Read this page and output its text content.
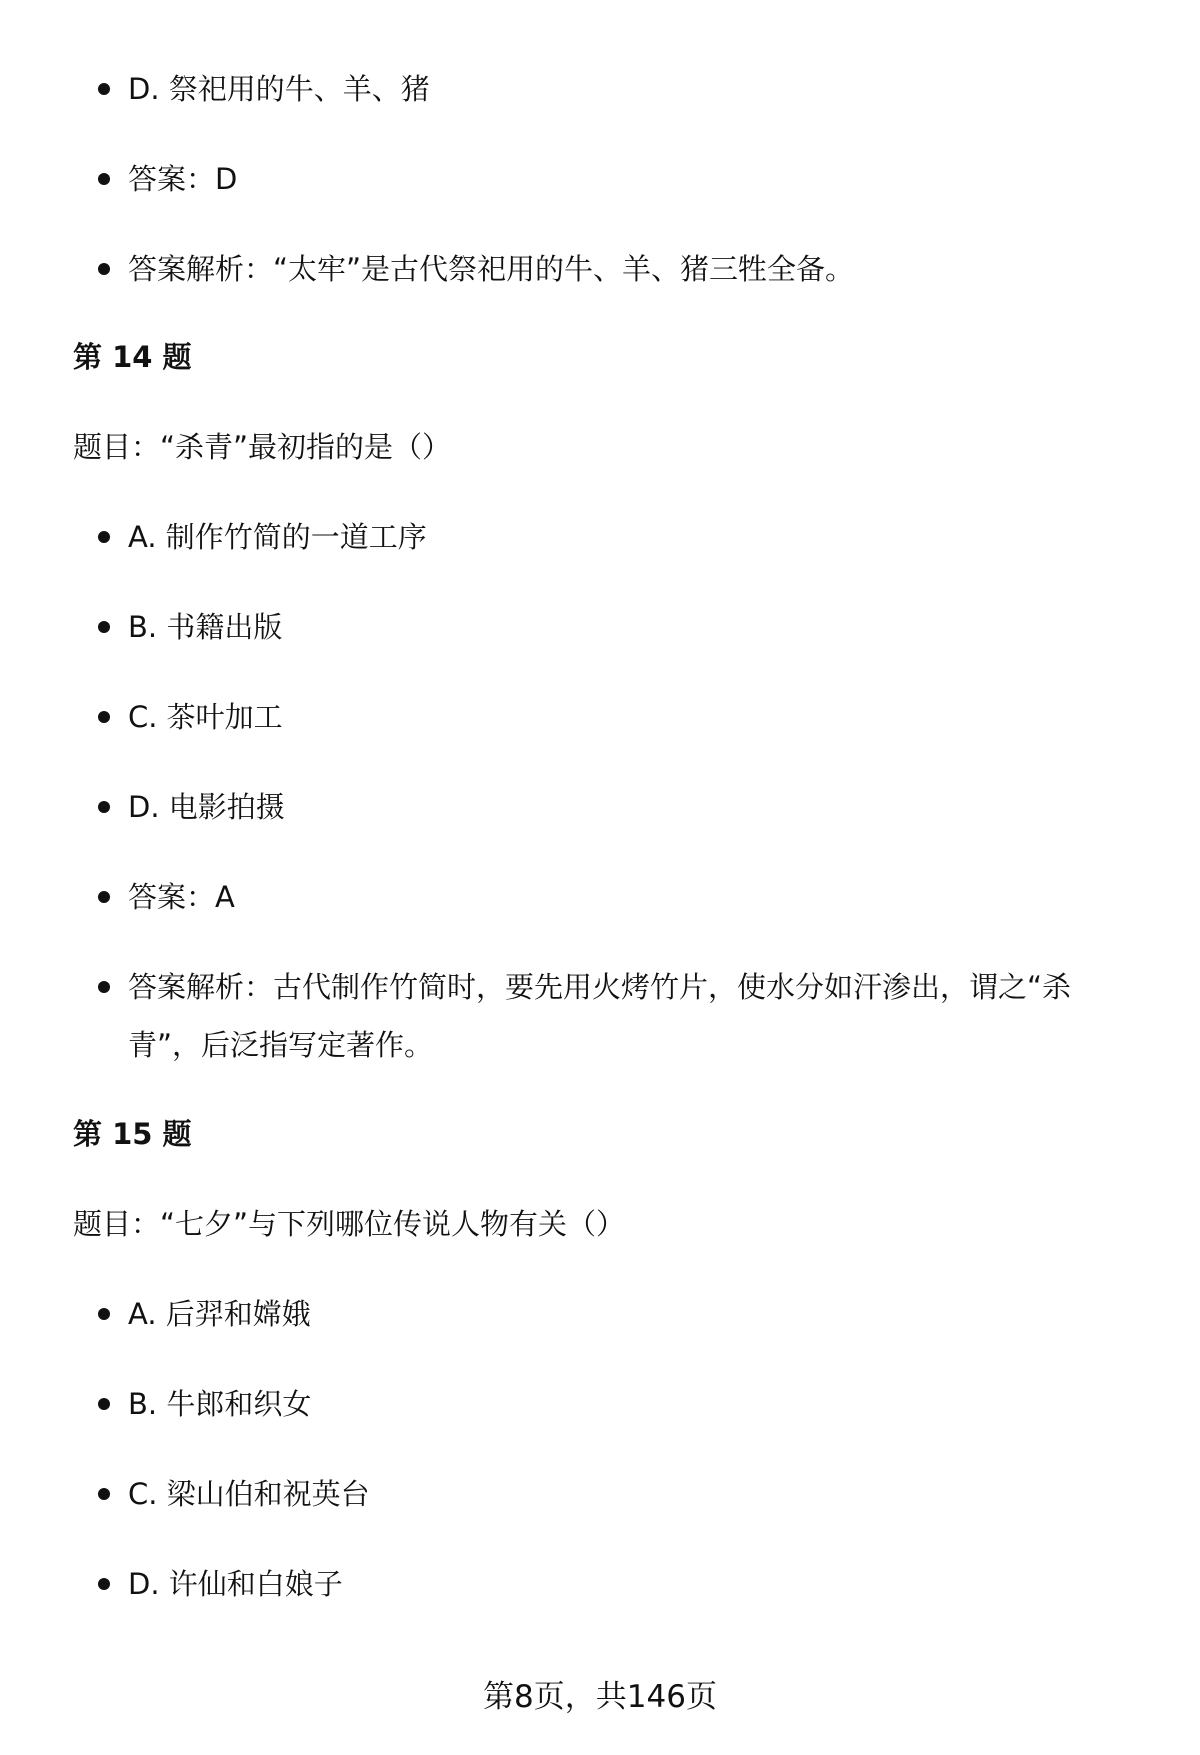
D. 祭祀用的牛、羊、猪
答案：D
答案解析：“太牢”是古代祭祀用的牛、羊、猪三牲全备。
第 14 题
题目：“杀青”最初指的是（）
A. 制作竹简的一道工序
B. 书籍出版
C. 茶叶加工
D. 电影拍摄
答案：A
答案解析：古代制作竹简时，要先用火烤竹片，使水分如汗渗出，谓之“杀青”，后泛指写定著作。
第 15 题
题目：“七夕”与下列哪位传说人物有关（）
A. 后羿和嫦娥
B. 牛郎和织女
C. 梁山伯和祝英台
D. 许仙和白娘子
第8页，共146页
